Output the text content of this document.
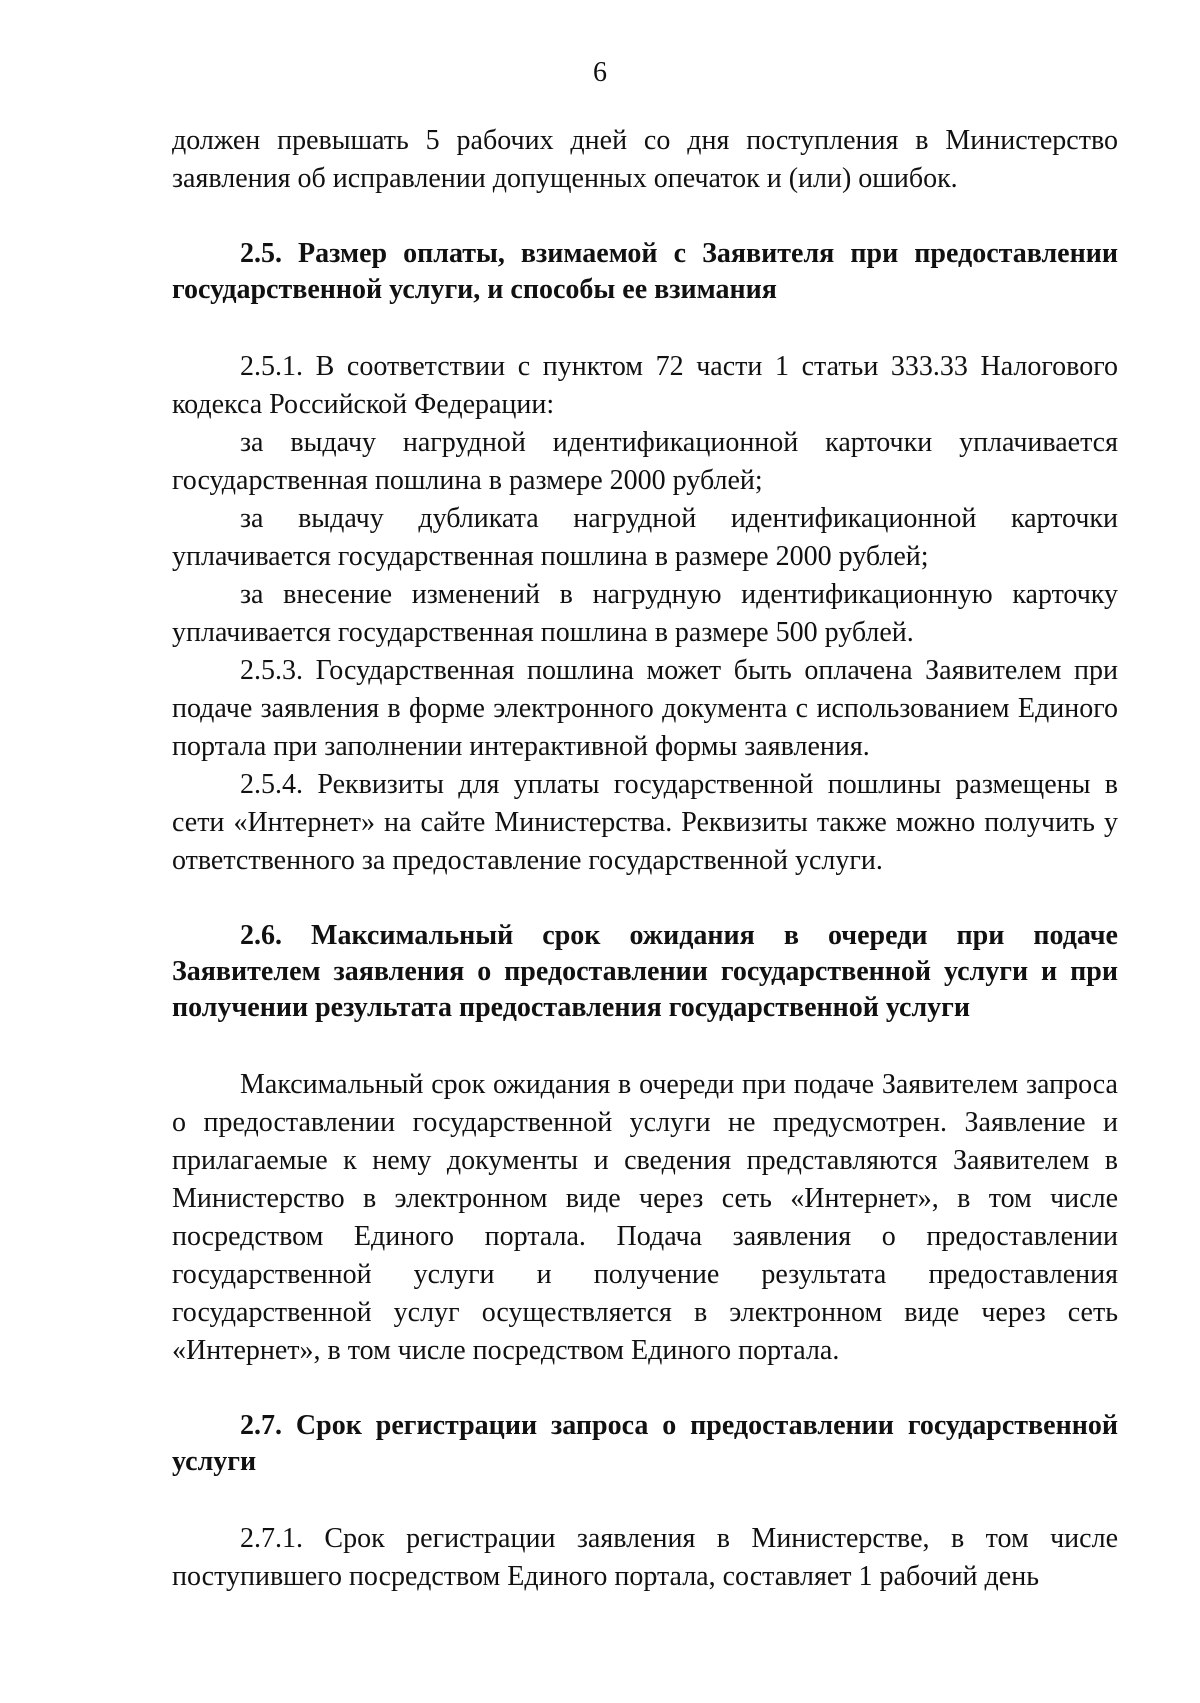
6

должен превышать 5 рабочих дней со дня поступления в Министерство заявления об исправлении допущенных опечаток и (или) ошибок.

2.5. Размер оплаты, взимаемой с Заявителя при предоставлении государственной услуги, и способы ее взимания

2.5.1. В соответствии с пунктом 72 части 1 статьи 333.33 Налогового кодекса Российской Федерации:

за выдачу нагрудной идентификационной карточки уплачивается государственная пошлина в размере 2000 рублей;

за выдачу дубликата нагрудной идентификационной карточки уплачивается государственная пошлина в размере 2000 рублей;

за внесение изменений в нагрудную идентификационную карточку уплачивается государственная пошлина в размере 500 рублей.

2.5.3. Государственная пошлина может быть оплачена Заявителем при подаче заявления в форме электронного документа с использованием Единого портала при заполнении интерактивной формы заявления.

2.5.4. Реквизиты для уплаты государственной пошлины размещены в сети «Интернет» на сайте Министерства. Реквизиты также можно получить у ответственного за предоставление государственной услуги.

2.6. Максимальный срок ожидания в очереди при подаче Заявителем заявления о предоставлении государственной услуги и при получении результата предоставления государственной услуги

Максимальный срок ожидания в очереди при подаче Заявителем запроса о предоставлении государственной услуги не предусмотрен. Заявление и прилагаемые к нему документы и сведения представляются Заявителем в Министерство в электронном виде через сеть «Интернет», в том числе посредством Единого портала. Подача заявления о предоставлении государственной услуги и получение результата предоставления государственной услуг осуществляется в электронном виде через сеть «Интернет», в том числе посредством Единого портала.

2.7. Срок регистрации запроса о предоставлении государственной услуги

2.7.1. Срок регистрации заявления в Министерстве, в том числе поступившего посредством Единого портала, составляет 1 рабочий день
